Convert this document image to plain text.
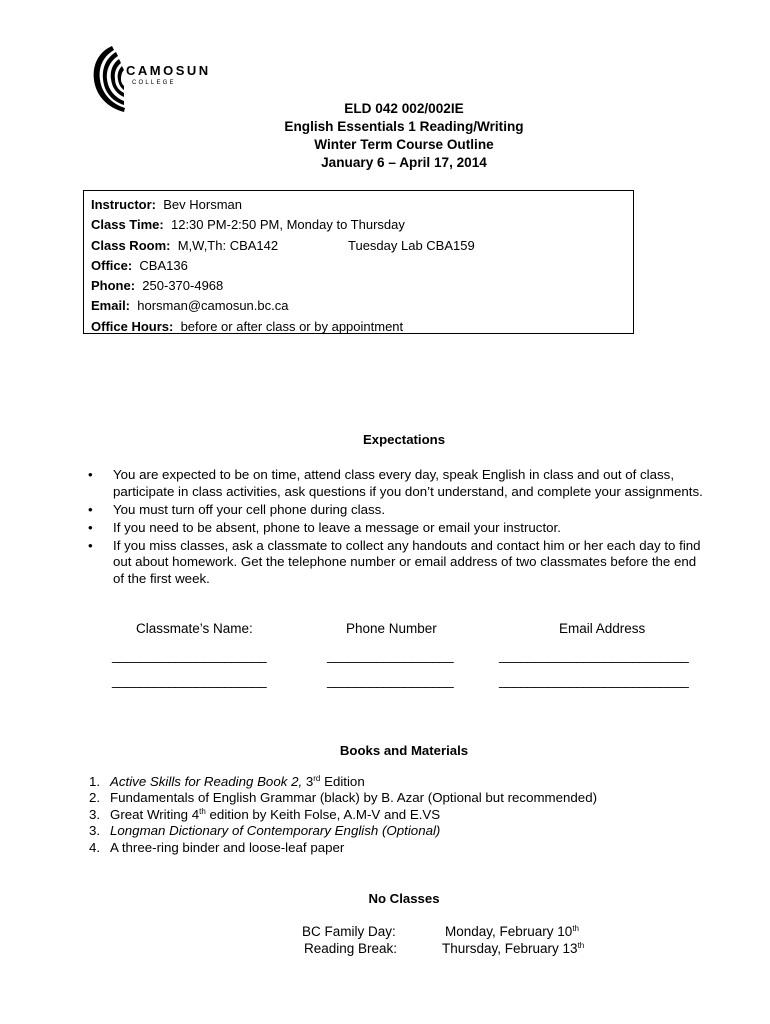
CAMOSUN
COLLEGE
ELD 042 002/002IE
English Essentials 1 Reading/Writing
Winter Term Course Outline
January 6 – April 17, 2014
Instructor: Bev Horsman
Class Time: 12:30 PM-2:50 PM, Monday to Thursday
Class Room: M,W,Th: CBA142	Tuesday Lab CBA159
Office: CBA136
Phone: 250-370-4968
Email: horsman@camosun.bc.ca
Office Hours: before or after class or by appointment
Expectations
• You are expected to be on time, attend class every day, speak English in class and out of class, participate in class activities, ask questions if you don’t understand, and complete your assignments.
• You must turn off your cell phone during class.
• If you need to be absent, phone to leave a message or email your instructor.
• If you miss classes, ask a classmate to collect any handouts and contact him or her each day to find out about homework. Get the telephone number or email address of two classmates before the end of the first week.
Classmate’s Name:	Phone Number	Email Address
______________________	__________________	___________________________
______________________	__________________	___________________________
Books and Materials
1. Active Skills for Reading Book 2, 3rd Edition
2. Fundamentals of English Grammar (black) by B. Azar (Optional but recommended)
3. Great Writing 4th edition by Keith Folse, A.M-V and E.VS
3. Longman Dictionary of Contemporary English (Optional)
4. A three-ring binder and loose-leaf paper
No Classes
BC Family Day:	Monday, February 10th
Reading Break:	Thursday, February 13th
